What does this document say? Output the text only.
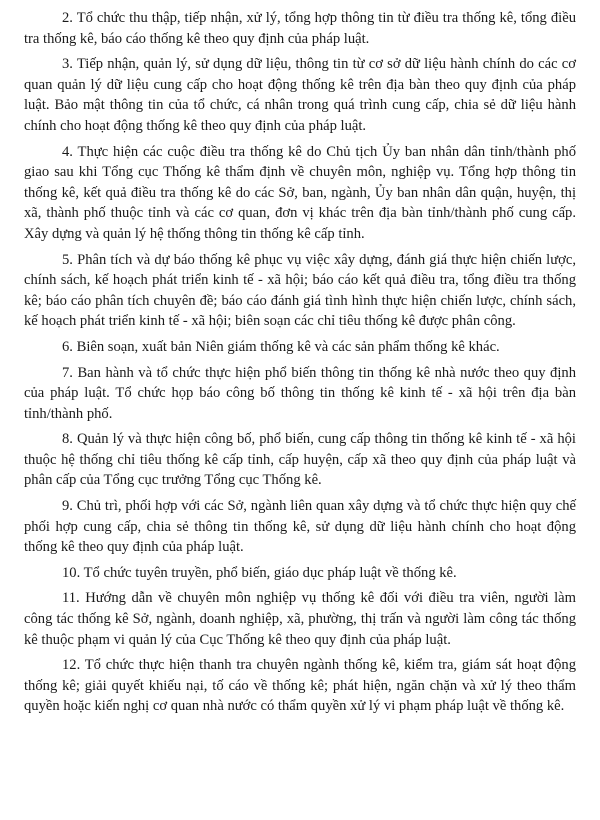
2. Tổ chức thu thập, tiếp nhận, xử lý, tổng hợp thông tin từ điều tra thống kê, tổng điều tra thống kê, báo cáo thống kê theo quy định của pháp luật.

3. Tiếp nhận, quản lý, sử dụng dữ liệu, thông tin từ cơ sở dữ liệu hành chính do các cơ quan quản lý dữ liệu cung cấp cho hoạt động thống kê trên địa bàn theo quy định của pháp luật. Bảo mật thông tin của tổ chức, cá nhân trong quá trình cung cấp, chia sẻ dữ liệu hành chính cho hoạt động thống kê theo quy định của pháp luật.

4. Thực hiện các cuộc điều tra thống kê do Chủ tịch Ủy ban nhân dân tỉnh/thành phố giao sau khi Tổng cục Thống kê thẩm định về chuyên môn, nghiệp vụ. Tổng hợp thông tin thống kê, kết quả điều tra thống kê do các Sở, ban, ngành, Ủy ban nhân dân quận, huyện, thị xã, thành phố thuộc tỉnh và các cơ quan, đơn vị khác trên địa bàn tỉnh/thành phố cung cấp. Xây dựng và quản lý hệ thống thông tin thống kê cấp tỉnh.

5. Phân tích và dự báo thống kê phục vụ việc xây dựng, đánh giá thực hiện chiến lược, chính sách, kế hoạch phát triển kinh tế - xã hội; báo cáo kết quả điều tra, tổng điều tra thống kê; báo cáo phân tích chuyên đề; báo cáo đánh giá tình hình thực hiện chiến lược, chính sách, kế hoạch phát triển kinh tế - xã hội; biên soạn các chỉ tiêu thống kê được phân công.

6. Biên soạn, xuất bản Niên giám thống kê và các sản phẩm thống kê khác.

7. Ban hành và tổ chức thực hiện phổ biến thông tin thống kê nhà nước theo quy định của pháp luật. Tổ chức họp báo công bố thông tin thống kê kinh tế - xã hội trên địa bàn tỉnh/thành phố.

8. Quản lý và thực hiện công bố, phổ biến, cung cấp thông tin thống kê kinh tế - xã hội thuộc hệ thống chỉ tiêu thống kê cấp tỉnh, cấp huyện, cấp xã theo quy định của pháp luật và phân cấp của Tổng cục trưởng Tổng cục Thống kê.

9. Chủ trì, phối hợp với các Sở, ngành liên quan xây dựng và tổ chức thực hiện quy chế phối hợp cung cấp, chia sẻ thông tin thống kê, sử dụng dữ liệu hành chính cho hoạt động thống kê theo quy định của pháp luật.

10. Tổ chức tuyên truyền, phổ biến, giáo dục pháp luật về thống kê.

11. Hướng dẫn về chuyên môn nghiệp vụ thống kê đối với điều tra viên, người làm công tác thống kê Sở, ngành, doanh nghiệp, xã, phường, thị trấn và người làm công tác thống kê thuộc phạm vi quản lý của Cục Thống kê theo quy định của pháp luật.

12. Tổ chức thực hiện thanh tra chuyên ngành thống kê, kiểm tra, giám sát hoạt động thống kê; giải quyết khiếu nại, tố cáo về thống kê; phát hiện, ngăn chặn và xử lý theo thẩm quyền hoặc kiến nghị cơ quan nhà nước có thẩm quyền xử lý vi phạm pháp luật về thống kê.
